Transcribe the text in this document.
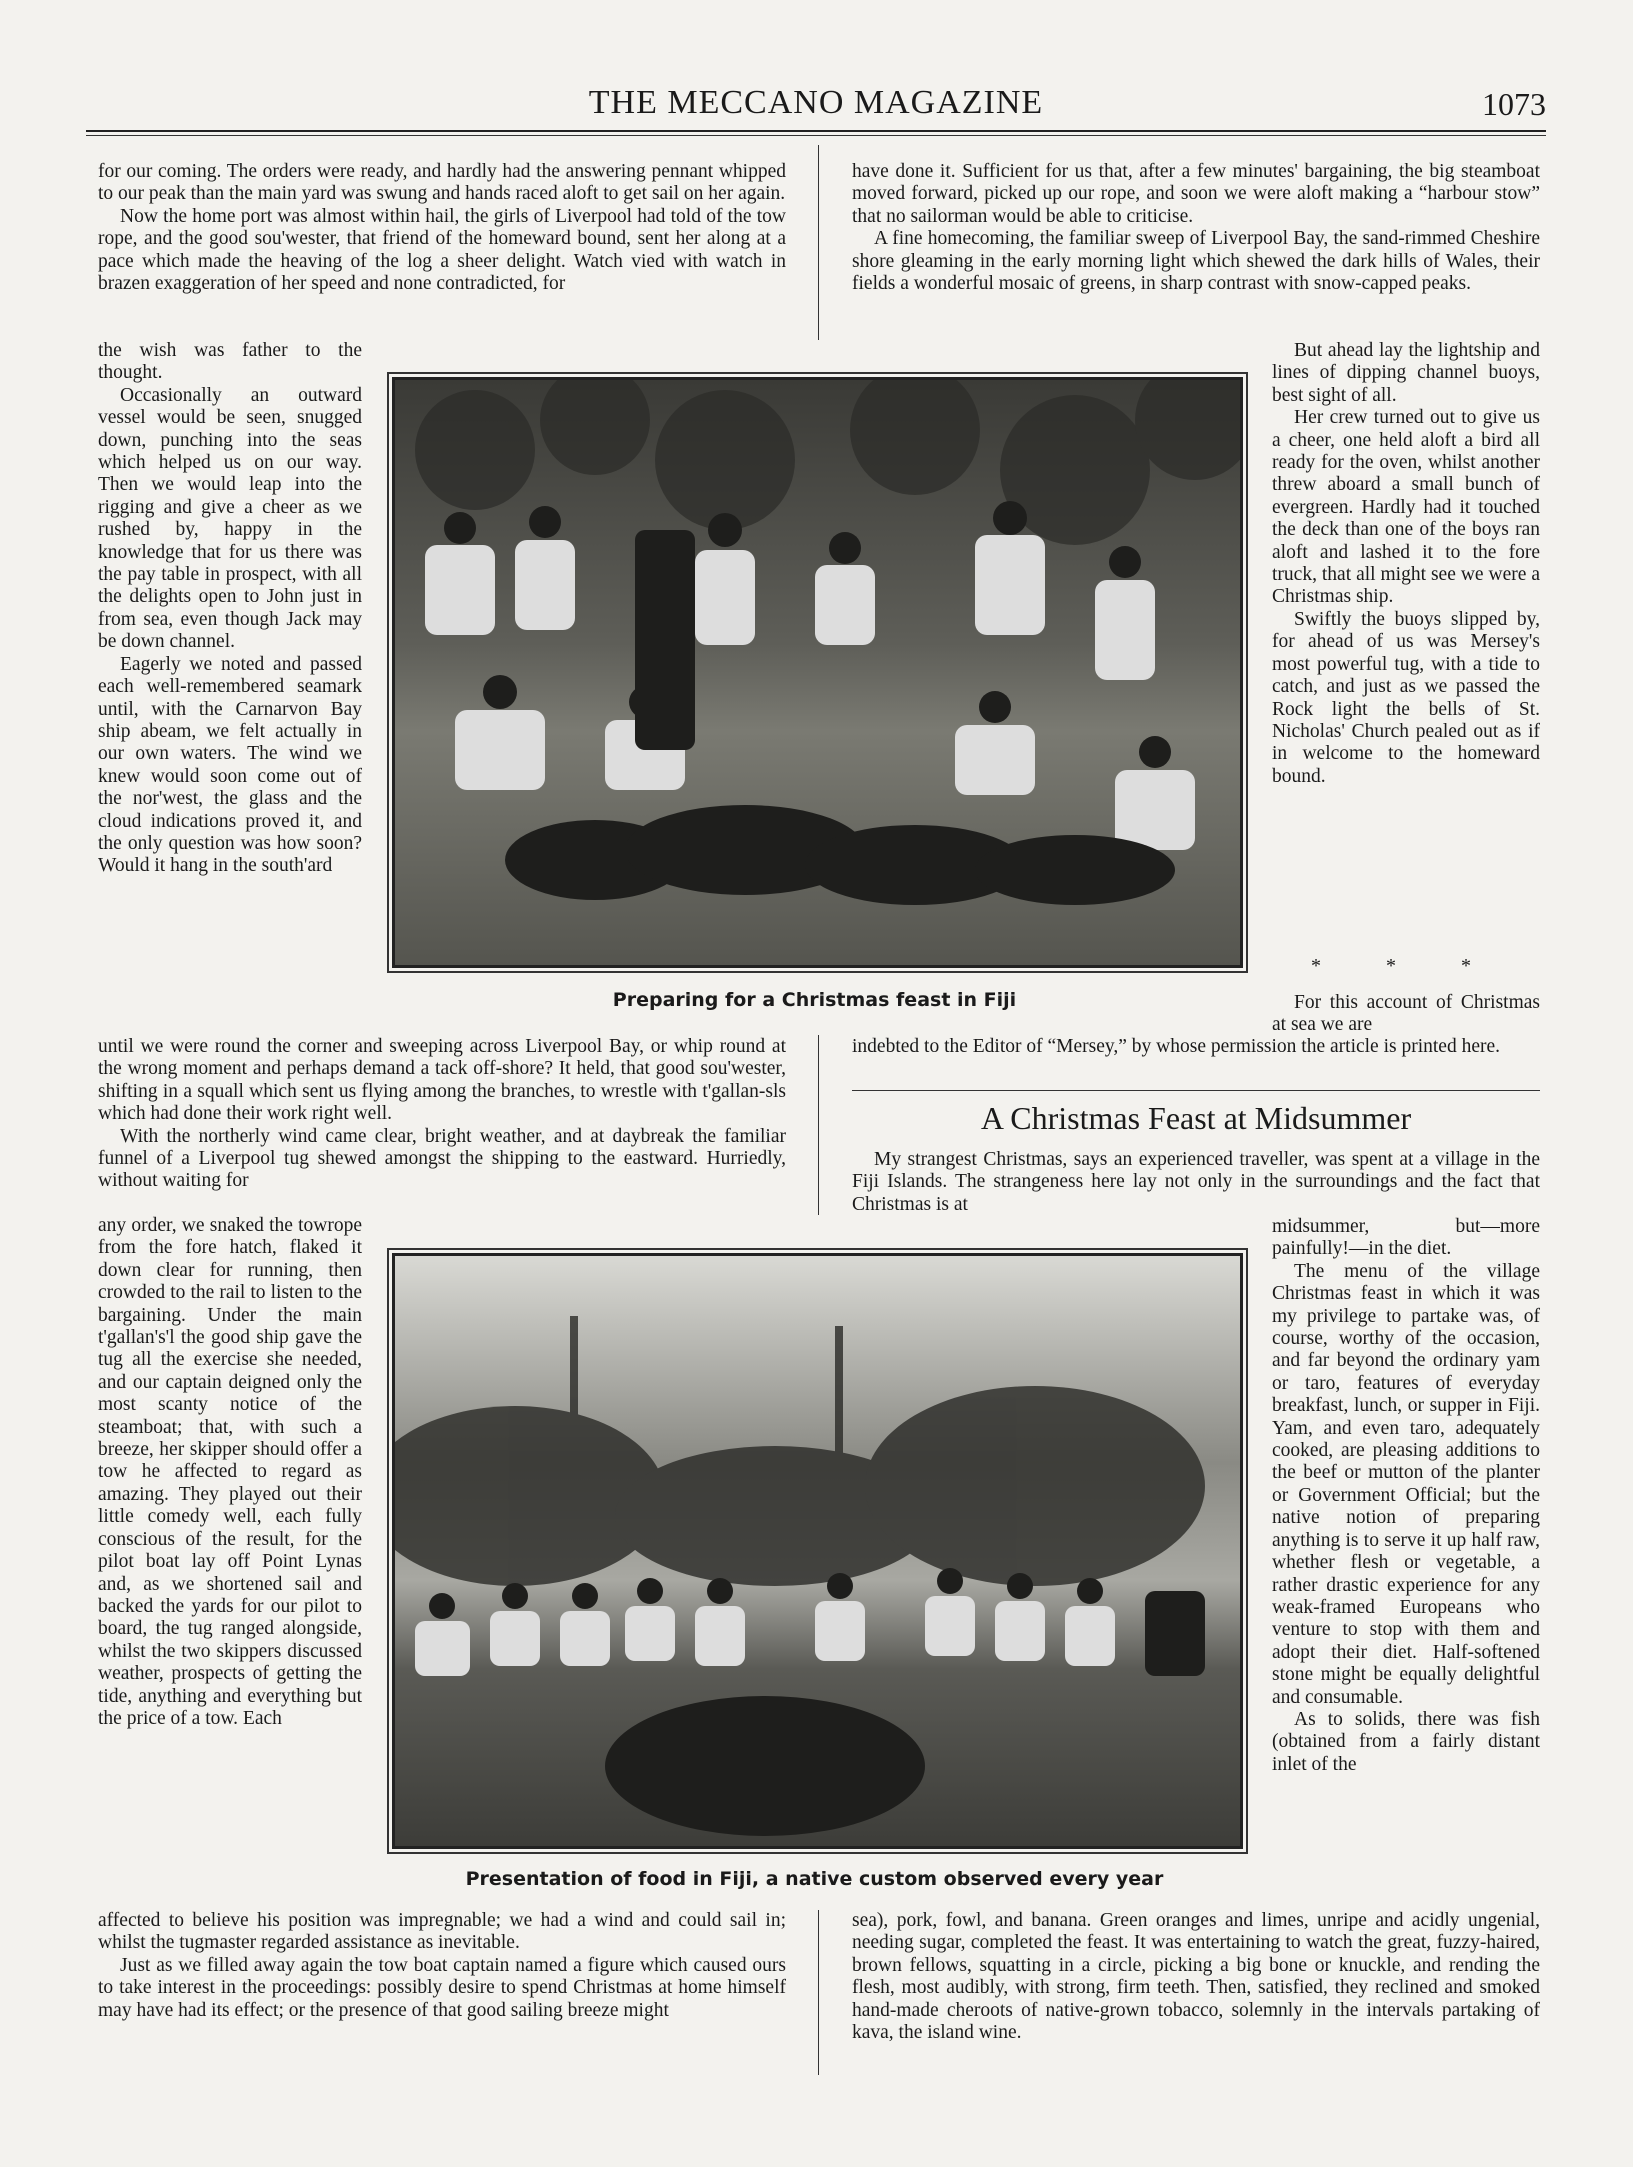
THE MECCANO MAGAZINE	1073

for our coming. The orders were ready, and hardly had the answering pennant whipped to our peak than the main yard was swung and hands raced aloft to get sail on her again.

Now the home port was almost within hail, the girls of Liverpool had told of the tow rope, and the good sou'wester, that friend of the homeward bound, sent her along at a pace which made the heaving of the log a sheer delight. Watch vied with watch in brazen exaggeration of her speed and none contradicted, for

the wish was father to the thought.

Occasionally an outward vessel would be seen, snugged down, punching into the seas which helped us on our way. Then we would leap into the rigging and give a cheer as we rushed by, happy in the knowledge that for us there was the pay table in prospect, with all the delights open to John just in from sea, even though Jack may be down channel.

Eagerly we noted and passed each well-remembered seamark until, with the Carnarvon Bay ship abeam, we felt actually in our own waters. The wind we knew would soon come out of the nor'west, the glass and the cloud indications proved it, and the only question was how soon? Would it hang in the south'ard

until we were round the corner and sweeping across Liverpool Bay, or whip round at the wrong moment and perhaps demand a tack off-shore? It held, that good sou'wester, shifting in a squall which sent us flying among the branches, to wrestle with t'gallan-sls which had done their work right well.

With the northerly wind came clear, bright weather, and at daybreak the familiar funnel of a Liverpool tug shewed amongst the shipping to the eastward. Hurriedly, without waiting for

any order, we snaked the towrope from the fore hatch, flaked it down clear for running, then crowded to the rail to listen to the bargaining. Under the main t'gallan's'l the good ship gave the tug all the exercise she needed, and our captain deigned only the most scanty notice of the steamboat; that, with such a breeze, her skipper should offer a tow he affected to regard as amazing. They played out their little comedy well, each fully conscious of the result, for the pilot boat lay off Point Lynas and, as we shortened sail and backed the yards for our pilot to board, the tug ranged alongside, whilst the two skippers discussed weather, prospects of getting the tide, anything and everything but the price of a tow. Each

affected to believe his position was impregnable; we had a wind and could sail in; whilst the tugmaster regarded assistance as inevitable.

Just as we filled away again the tow boat captain named a figure which caused ours to take interest in the proceedings: possibly desire to spend Christmas at home himself may have had its effect; or the presence of that good sailing breeze might

have done it. Sufficient for us that, after a few minutes' bargaining, the big steamboat moved forward, picked up our rope, and soon we were aloft making a “harbour stow” that no sailorman would be able to criticise.

A fine homecoming, the familiar sweep of Liverpool Bay, the sand-rimmed Cheshire shore gleaming in the early morning light which shewed the dark hills of Wales, their fields a wonderful mosaic of greens, in sharp contrast with snow-capped peaks.

But ahead lay the lightship and lines of dipping channel buoys, best sight of all.

Her crew turned out to give us a cheer, one held aloft a bird all ready for the oven, whilst another threw aboard a small bunch of evergreen. Hardly had it touched the deck than one of the boys ran aloft and lashed it to the fore truck, that all might see we were a Christmas ship.

Swiftly the buoys slipped by, for ahead of us was Mersey's most powerful tug, with a tide to catch, and just as we passed the Rock light the bells of St. Nicholas' Church pealed out as if in welcome to the homeward bound.

* * *

For this account of Christmas at sea we are

indebted to the Editor of “Mersey,” by whose permission the article is printed here.

A Christmas Feast at Midsummer

My strangest Christmas, says an experienced traveller, was spent at a village in the Fiji Islands. The strangeness here lay not only in the surroundings and the fact that Christmas is at

midsummer, but—more painfully!—in the diet.

The menu of the village Christmas feast in which it was my privilege to partake was, of course, worthy of the occasion, and far beyond the ordinary yam or taro, features of everyday breakfast, lunch, or supper in Fiji. Yam, and even taro, adequately cooked, are pleasing additions to the beef or mutton of the planter or Government Official; but the native notion of preparing anything is to serve it up half raw, whether flesh or vegetable, a rather drastic experience for any weak-framed Europeans who venture to stop with them and adopt their diet. Half-softened stone might be equally delightful and consumable.

As to solids, there was fish (obtained from a fairly distant inlet of the

sea), pork, fowl, and banana. Green oranges and limes, unripe and acidly ungenial, needing sugar, completed the feast. It was entertaining to watch the great, fuzzy-haired, brown fellows, squatting in a circle, picking a big bone or knuckle, and rending the flesh, most audibly, with strong, firm teeth. Then, satisfied, they reclined and smoked hand-made cheroots of native-grown tobacco, solemnly in the intervals partaking of kava, the island wine.

Preparing for a Christmas feast in Fiji
Presentation of food in Fiji, a native custom observed every year
